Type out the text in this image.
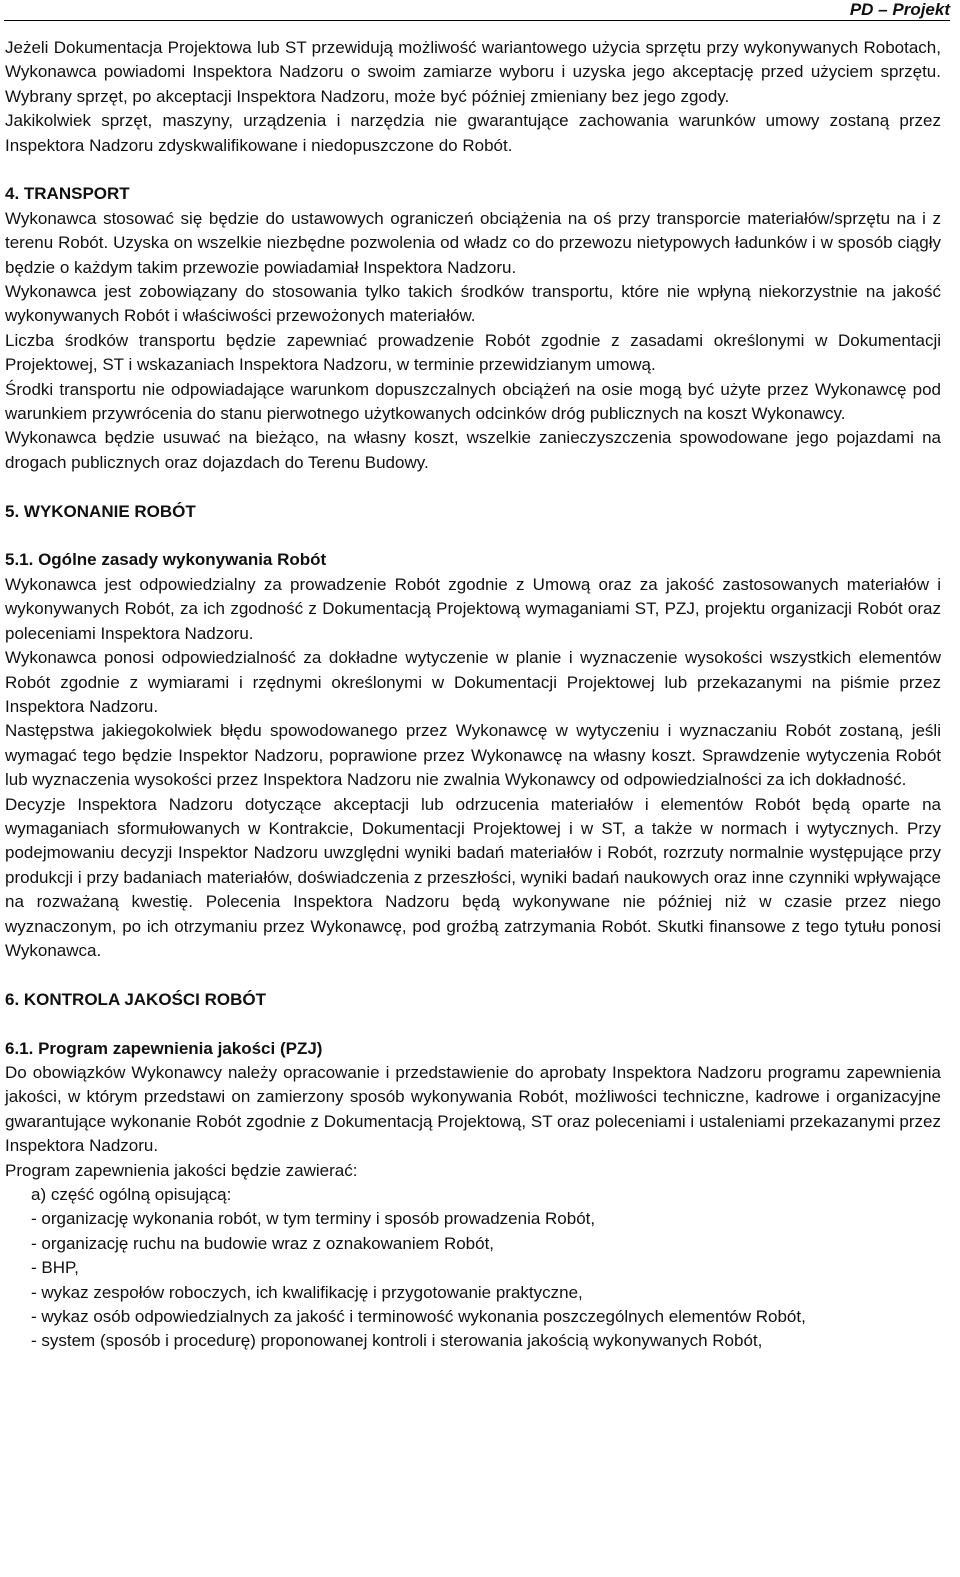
PD – Projekt

Jeżeli Dokumentacja Projektowa lub ST przewidują możliwość wariantowego użycia sprzętu przy wykonywanych Robotach, Wykonawca powiadomi Inspektora Nadzoru o swoim zamiarze wyboru i uzyska jego akceptację przed użyciem sprzętu. Wybrany sprzęt, po akceptacji Inspektora Nadzoru, może być później zmieniany bez jego zgody.

Jakikolwiek sprzęt, maszyny, urządzenia i narzędzia nie gwarantujące zachowania warunków umowy zostaną przez Inspektora Nadzoru zdyskwalifikowane i niedopuszczone do Robót.

4. TRANSPORT

Wykonawca stosować się będzie do ustawowych ograniczeń obciążenia na oś przy transporcie materiałów/sprzętu na i z terenu Robót. Uzyska on wszelkie niezbędne pozwolenia od władz co do przewozu nietypowych ładunków i w sposób ciągły będzie o każdym takim przewozie powiadamiał Inspektora Nadzoru.

Wykonawca jest zobowiązany do stosowania tylko takich środków transportu, które nie wpłyną niekorzystnie na jakość wykonywanych Robót i właściwości przewożonych materiałów.

Liczba środków transportu będzie zapewniać prowadzenie Robót zgodnie z zasadami określonymi w Dokumentacji Projektowej, ST i wskazaniach Inspektora Nadzoru, w terminie przewidzianym umową.

Środki transportu nie odpowiadające warunkom dopuszczalnych obciążeń na osie mogą być użyte przez Wykonawcę pod warunkiem przywrócenia do stanu pierwotnego użytkowanych odcinków dróg publicznych na koszt Wykonawcy.

Wykonawca będzie usuwać na bieżąco, na własny koszt, wszelkie zanieczyszczenia spowodowane jego pojazdami na drogach publicznych oraz dojazdach do Terenu Budowy.

5. WYKONANIE ROBÓT

5.1. Ogólne zasady wykonywania Robót

Wykonawca jest odpowiedzialny za prowadzenie Robót zgodnie z Umową oraz za jakość zastosowanych materiałów i wykonywanych Robót, za ich zgodność z Dokumentacją Projektową wymaganiami ST, PZJ, projektu organizacji Robót oraz poleceniami Inspektora Nadzoru.

Wykonawca ponosi odpowiedzialność za dokładne wytyczenie w planie i wyznaczenie wysokości wszystkich elementów Robót zgodnie z wymiarami i rzędnymi określonymi w Dokumentacji Projektowej lub przekazanymi na piśmie przez Inspektora Nadzoru.

Następstwa jakiegokolwiek błędu spowodowanego przez Wykonawcę w wytyczeniu i wyznaczaniu Robót zostaną, jeśli wymagać tego będzie Inspektor Nadzoru, poprawione przez Wykonawcę na własny koszt. Sprawdzenie wytyczenia Robót lub wyznaczenia wysokości przez Inspektora Nadzoru nie zwalnia Wykonawcy od odpowiedzialności za ich dokładność.

Decyzje Inspektora Nadzoru dotyczące akceptacji lub odrzucenia materiałów i elementów Robót będą oparte na wymaganiach sformułowanych w Kontrakcie, Dokumentacji Projektowej i w ST, a także w normach i wytycznych. Przy podejmowaniu decyzji Inspektor Nadzoru uwzględni wyniki badań materiałów i Robót, rozrzuty normalnie występujące przy produkcji i przy badaniach materiałów, doświadczenia z przeszłości, wyniki badań naukowych oraz inne czynniki wpływające na rozważaną kwestię. Polecenia Inspektora Nadzoru będą wykonywane nie później niż w czasie przez niego wyznaczonym, po ich otrzymaniu przez Wykonawcę, pod groźbą zatrzymania Robót. Skutki finansowe z tego tytułu ponosi Wykonawca.

6. KONTROLA JAKOŚCI ROBÓT

6.1. Program zapewnienia jakości (PZJ)

Do obowiązków Wykonawcy należy opracowanie i przedstawienie do aprobaty Inspektora Nadzoru programu zapewnienia jakości, w którym przedstawi on zamierzony sposób wykonywania Robót, możliwości techniczne, kadrowe i organizacyjne gwarantujące wykonanie Robót zgodnie z Dokumentacją Projektową, ST oraz poleceniami i ustaleniami przekazanymi przez Inspektora Nadzoru.

Program zapewnienia jakości będzie zawierać:

a) część ogólną opisującą:

- organizację wykonania robót, w tym terminy i sposób prowadzenia Robót,
- organizację ruchu na budowie wraz z oznakowaniem Robót,
- BHP,
- wykaz zespołów roboczych, ich kwalifikację i przygotowanie praktyczne,
- wykaz osób odpowiedzialnych za jakość i terminowość wykonania poszczególnych elementów Robót,
- system (sposób i procedurę) proponowanej kontroli i sterowania jakością wykonywanych Robót,
